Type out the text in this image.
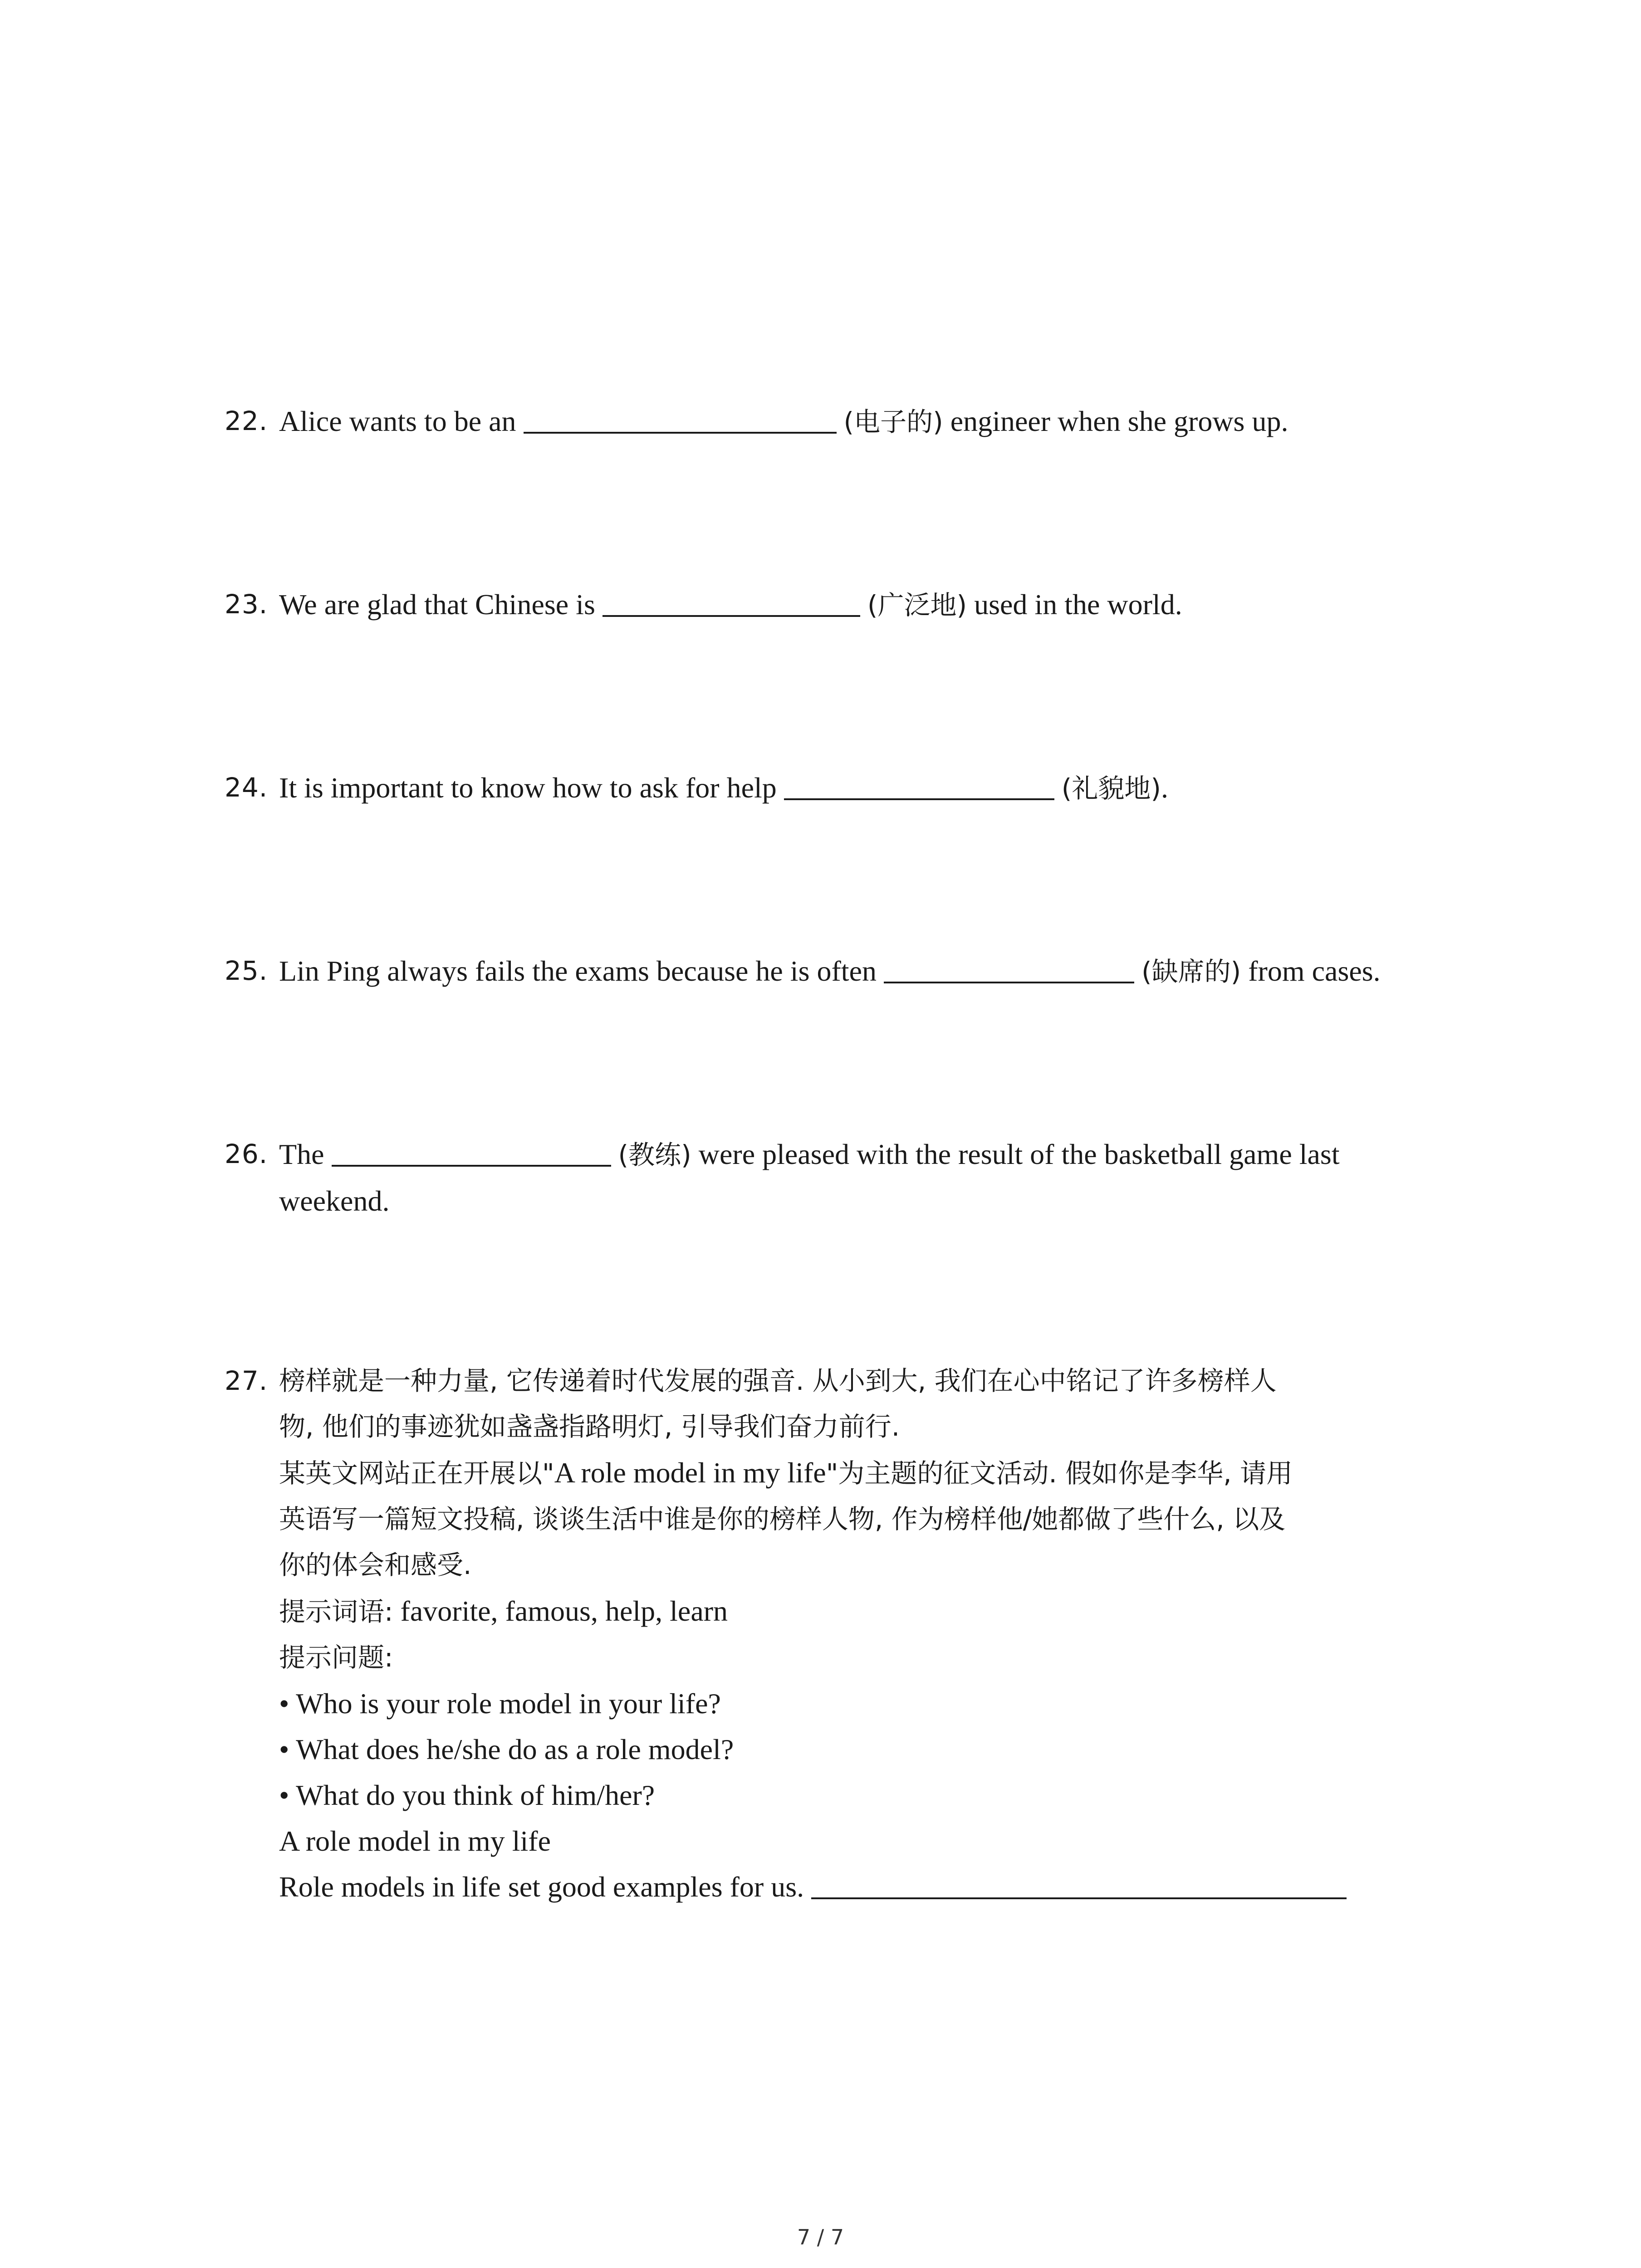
22. Alice wants to be an	(电子的) engineer when she grows up.
23. We are glad that Chinese is	(广泛地) used in the world.
24. It is important to know how to ask for help	(礼貌地).
25. Lin Ping always fails the exams because he is often	(缺席的) from cases.
26. The	(教练) were pleased with the result of the basketball game last
weekend.
27. 榜样就是一种力量, 它传递着时代发展的强音. 从小到大, 我们在心中铭记了许多榜样人
物, 他们的事迹犹如盏盏指路明灯, 引导我们奋力前行.
某英文网站正在开展以"A role model in my life"为主题的征文活动. 假如你是李华, 请用
英语写一篇短文投稿, 谈谈生活中谁是你的榜样人物, 作为榜样他/她都做了些什么, 以及
你的体会和感受.
提示词语: favorite, famous, help, learn
提示问题:
• Who is your role model in your life?
• What does he/she do as a role model?
• What do you think of him/her?
A role model in my life
Role models in life set good examples for us.
7 / 7
